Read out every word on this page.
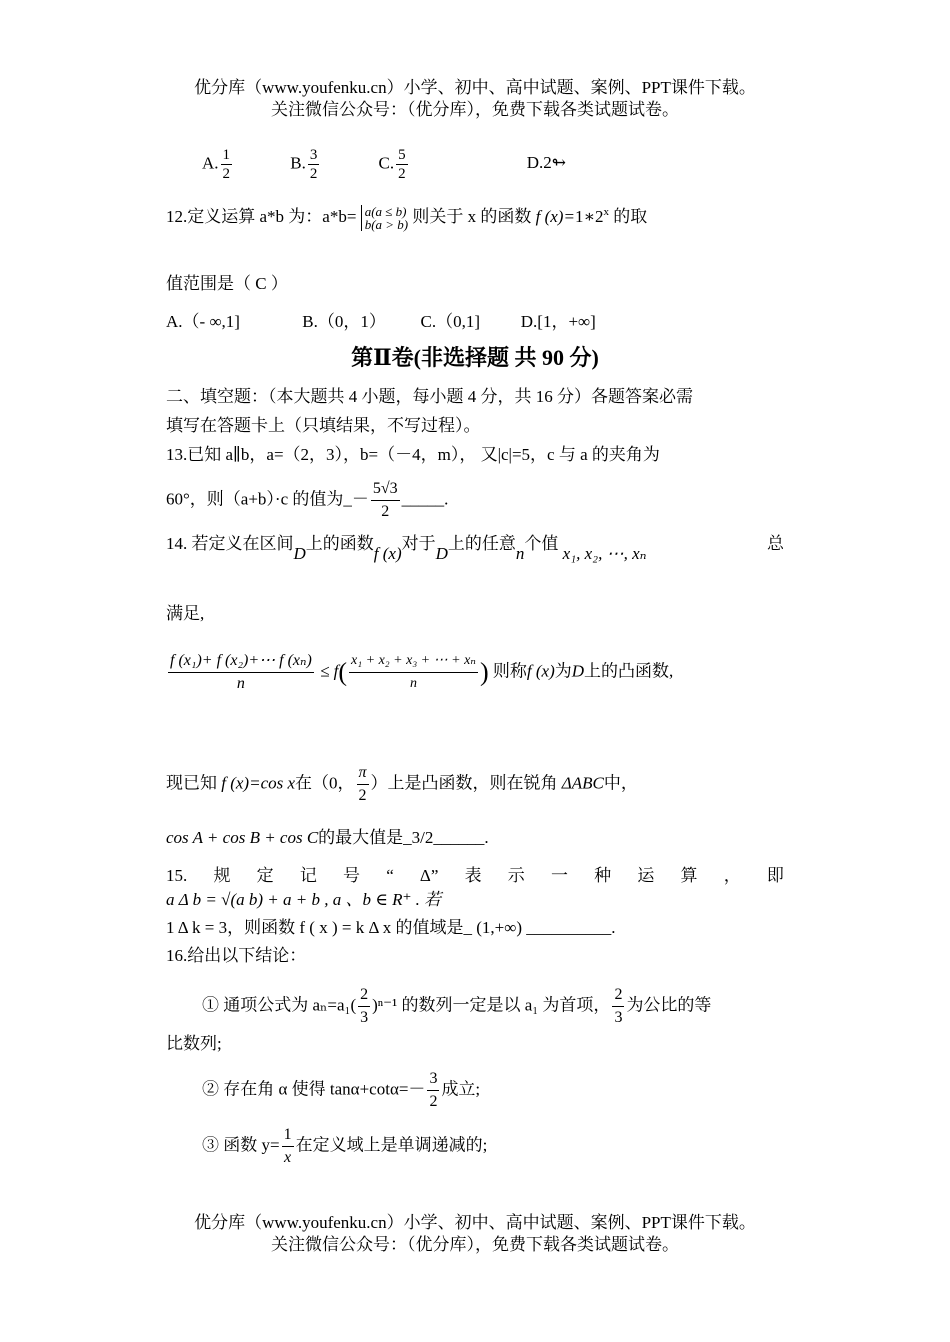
优分库（www.youfenku.cn）小学、初中、高中试题、案例、PPT课件下载。
关注微信公众号：（优分库），免费下载各类试题试卷。
A. $\frac{1}{2}$	B. $\frac{3}{2}$	C. $\frac{5}{2}$	D.2↬
12.定义运算 a*b 为：a*b= a(a ≤ b)
b(a > b) 则关于 x 的函数 f $(x)=1∗2^x$ 的取
值范围是（ C ）
A.（- ∞,1]	B.（0，1） C.（0,1] D.[1，+∞]
第Ⅱ卷(非选择题 共 90 分)
二、填空题：（本大题共 4 小题，每小题 4 分，共 16 分）各题答案必需
填写在答题卡上（只填结果，不写过程）。
13.已知 a∥b，a=（2，3），b=（－4，m）， 又|c|=5，c 与 a 的夹角为
60°，则（a+b）·c 的值为_－ $\frac{5√3}{2}$ _____.
14. 若定义在区间D上的函数f (x)对于D上的任意n个值 x₁, x₂, ⋯, xₙ
总
满足,
$\frac{\text{f (x₁)+ f (x₂)+⋯ f (xₙ)}}{n} \le f( \frac{\text{x₁ + x₂ + x₃ + ⋯ + xₙ}}{n}$ ) 则称f (x)为D上的凸函数,
现已知 f (x)=cos x在（0， $\frac{\pi}{2}$ ）上是凸函数，则在锐角 ΔABC中，
cos A + cos B + cos C的最大值是_3/2______.
15. 规 定 记 号 “ Δ” 表 示 一 种 运 算 ， 即
a Δ b = √(a b) + a + b , a 、b ∈ R⁺ . 若
1 Δ k = 3，则函数 f ( x ) = k Δ x 的值域是_ (1,+∞) __________.
16.给出以下结论：
① 通项公式为 $a_n=a_1( \frac{2}{3} )^{n-1}$ 的数列一定是以 a₁ 为首项， $\frac{2}{3}$ 为公比的等
比数列;
② 存在角 α 使得 $\tan\alpha+\cot\alpha=- \frac{3}{2}$ 成立;
③ 函数 $y= \frac{1}{x}$ 在定义域上是单调递减的;
优分库（www.youfenku.cn）小学、初中、高中试题、案例、PPT课件下载。
关注微信公众号：（优分库），免费下载各类试题试卷。
